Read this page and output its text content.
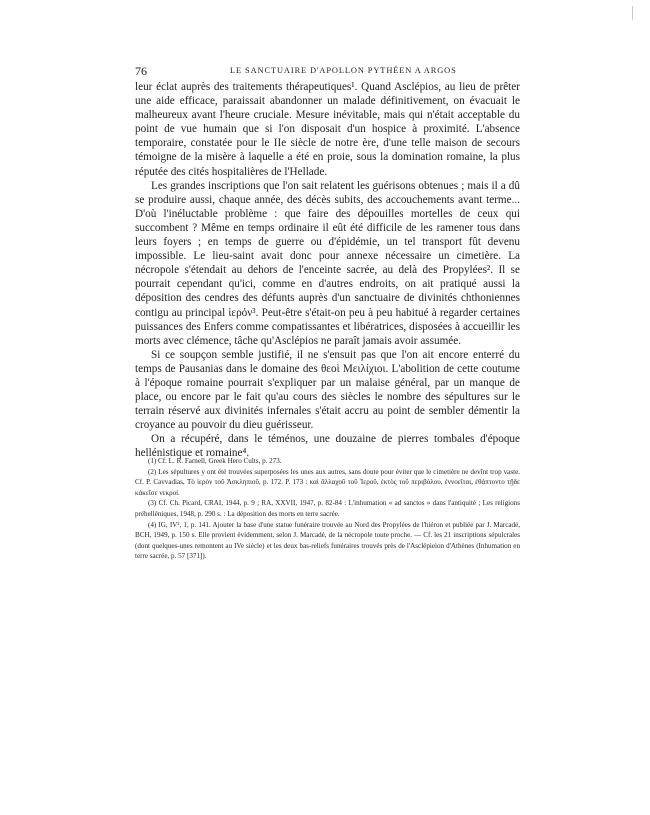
76	LE SANCTUAIRE D'APOLLON PYTHÉEN A ARGOS

leur éclat auprès des traitements thérapeutiques¹. Quand Asclépios, au lieu de prêter une aide efficace, paraissait abandonner un malade définitivement, on évacuait le malheureux avant l'heure cruciale. Mesure inévitable, mais qui n'était acceptable du point de vue humain que si l'on disposait d'un hospice à proximité. L'absence temporaire, constatée pour le IIe siècle de notre ère, d'une telle maison de secours témoigne de la misère à laquelle a été en proie, sous la domination romaine, la plus réputée des cités hospitalières de l'Hellade.

Les grandes inscriptions que l'on sait relatent les guérisons obtenues ; mais il a dû se produire aussi, chaque année, des décès subits, des accouchements avant terme... D'où l'inéluctable problème : que faire des dépouilles mortelles de ceux qui succombent ? Même en temps ordinaire il eût été difficile de les ramener tous dans leurs foyers ; en temps de guerre ou d'épidémie, un tel transport fût devenu impossible. Le lieu-saint avait donc pour annexe nécessaire un cimetière. La nécropole s'étendait au dehors de l'enceinte sacrée, au delà des Propylées². Il se pourrait cependant qu'ici, comme en d'autres endroits, on ait pratiqué aussi la déposition des cendres des défunts auprès d'un sanctuaire de divinités chthoniennes contigu au principal ἱερόν³. Peut-être s'était-on peu à peu habitué à regarder certaines puissances des Enfers comme compatissantes et libératrices, disposées à accueillir les morts avec clémence, tâche qu'Asclépios ne paraît jamais avoir assumée.

Si ce soupçon semble justifié, il ne s'ensuit pas que l'on ait encore enterré du temps de Pausanias dans le domaine des θεοὶ Μειλίχιοι. L'abolition de cette coutume à l'époque romaine pourrait s'expliquer par un malaise général, par un manque de place, ou encore par le fait qu'au cours des siècles le nombre des sépultures sur le terrain réservé aux divinités infernales s'était accru au point de sembler démentir la croyance au pouvoir du dieu guérisseur.

On a récupéré, dans le téménos, une douzaine de pierres tombales d'époque hellénistique et romaine⁴.

(1) Cf. L. R. Farnell, Greek Hero Cults, p. 273.

(2) Les sépultures y ont été trouvées superposées les unes aux autres, sans doute pour éviter que le cimetière ne devînt trop vaste. Cf. P. Cavvadias, Τὸ ἱερὸν τοῦ Ἀσκληπιοῦ, p. 172. P. 173 : καὶ ἄλλαχοῦ τοῦ Ἱεροῦ, ἐκτὸς τοῦ περιβόλου, ἐννοεῖται, ἐθάπτοντο τῇδε κἀκεῖσε νεκροί.

(3) Cf. Ch. Picard, CRAI, 1944, p. 9 ; RA, XXVII, 1947, p. 82-84 : L'inhumation « ad sanctos » dans l'antiquité ; Les religions préhelléniques, 1948, p. 290 s. : La déposition des morts en terre sacrée.

(4) IG, IV², 1, p. 141. Ajouter la base d'une statue funéraire trouvée au Nord des Propylées de l'hiéron et publiée par J. Marcadé, BCH, 1949, p. 150 s. Elle provient évidemment, selon J. Marcadé, de la nécropole toute proche. — Cf. les 21 inscriptions sépulcrales (dont quelques-unes remontent au IVe siècle) et les deux bas-reliefs funéraires trouvés près de l'Asclépieion d'Athènes (Inhumation en terre sacrée, p. 57 [371]).
